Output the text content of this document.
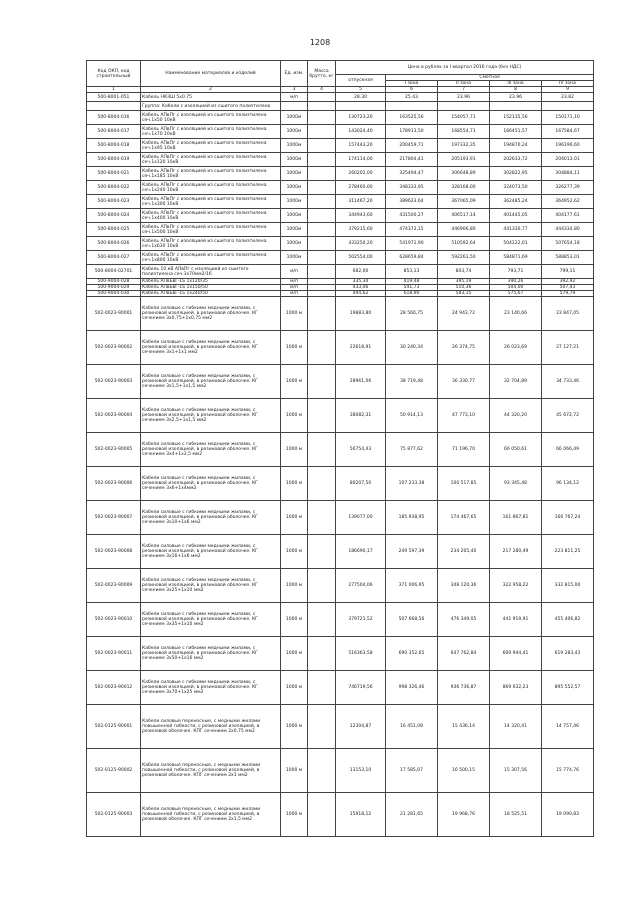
1208
Код ОКП, код строительный	Наименование материалов и изделий	Ед. изм.	Масса брутто, кг	Цена в рублях за I квартал 2016 года (без НДС)				
				отпускная	Сметная			
					I зона	II зона	III зона	IV зона
1	2	3	4	5	6	7	8	9
500-8001-051	Кабель НКЭШ 5х0.75	м/п		28.30	25.43	23.96	23.96	23.82
	Группа: Кабели с изоляцией из сшитого полиэтилена							
500-8004-016	Кабель АПвПг с изоляцией из сшитого полиэтилена сеч.1х50 10кВ	1000м		130723,20	163525,56	154057,71	152135,56	150171,10
500-8004-017	Кабель АПвПг с изоляцией из сшитого полиэтилена сеч.1х70 10кВ	1000м		143024,40	178913,50	168554,71	166451,57	167584,67
500-8004-018	Кабель АПвПг с изоляцией из сшитого полиэтилена сеч.1х95 10кВ	1000м		157443,20	200459,71	197332,35	194870,24	196196,60
500-8004-019	Кабель АПвПг с изоляцией из сшитого полиэтилена сеч.1х120 10кВ	1000м		174114,00	217804,41	205193,91	202633,72	204013,01
500-8004-021	Кабель АПвПг с изоляцией из сшитого полиэтилена сеч.1х185 10кВ	1000м		260202,00	325494,47	306648,89	302822,95	304884,11
500-8004-022	Кабель АПвПг с изоляцией из сшитого полиэтилена сеч.1х240 10кВ	1000м		278460,00	348333,95	328168,00	324073,50	326277,39
500-8004-023	Кабель АПвПг с изоляцией из сшитого полиэтилена сеч.1х300 10кВ	1000м		311467,20	389623,64	367065,09	362485,24	364952,62
500-8004-024	Кабель АПвПг с изоляцией из сшитого полиэтилена сеч.1х400 10кВ	1000м		344943,60	431500,27	406517,14	401445,05	404177,61
500-8004-025	Кабель АПвПг с изоляцией из сшитого полиэтилена сеч.1х500 10кВ	1000м		379215,60	474372,15	446906,80	441330,77	444334,80
500-8004-026	Кабель АПвПг с изоляцией из сшитого полиэтилена сеч.1х630 10кВ	1000м		433250,20	541971,90	510592,64	504222,01	507654,18
500-8004-027	Кабель АПвПг с изоляцией из сшитого полиэтилена сеч.1х800 10кВ	1000м		502554,00	628659,84	592261,50	584871,69	588853,01
500-8004-02701	Кабель 10 кВ АПвПг с изоляцией из сшитого полиэтилена сеч.3х70мм2/16	м/п		682,00	853,13	803,74	793,71	799,11
500-9004-028	Кабель АПвБвГ-LS 1х120/35	м/п		335,34	419,48	395,19	390,26	392,92
500-9004-029	Кабель АПвБвГ-LS 1х150/50	м/п		433,06	541,73	510,36	504,00	507,43
500-9004-030	Кабель АПвБвГ-LS 1х240/50	м/п		494,62	618,90	583,15	575,67	579,79
502-0023-90001	Кабели силовые с гибкими медными жилами, с резиновой изоляцией, в резиновой оболочке. КГ сечением 3х0,75+1х0,75 мм2	1000 м		19883,80	28 560,75	24 943,72	23 140,66	23 847,05
502-0023-90002	Кабели силовые с гибкими медными жилами, с резиновой изоляцией, в резиновой оболочке. КГ сечением 3х1+1х1 мм2	1000 м		22618,91	30 240,34	26 374,75	26 023,69	27 127,21
502-0023-90003	Кабели силовые с гибкими медными жилами, с резиновой изоляцией, в резиновой оболочке. КГ сечением 3х1,5+1х1,5 мм2	1000 м		28961,06	38 719,48	36 330,77	32 704,89	34 733,46
502-0023-90004	Кабели силовые с гибкими медными жилами, с резиновой изоляцией, в резиновой оболочке. КГ сечением 3х2,5+1х1,5 мм2	1000 м		38082,31	50 914,13	47 773,10	44 320,20	45 672,72
502-0023-90005	Кабели силовые с гибкими медными жилами, с резиновой изоляцией, в резиновой оболочке. КГ сечением 3х4+1х2,5 мм2	1000 м		56754,43	75 877,62	71 196,70	66 050,61	66 066,49
502-0023-90006	Кабели силовые с гибкими медными жилами, с резиновой изоляцией, в резиновой оболочке. КГ сечением 3х6+1х4мм2	1000 м		80207,50	107 233,38	100 517,85	93 345,48	96 134,12
502-0023-90007	Кабели силовые с гибкими медными жилами, с резиновой изоляцией, в резиновой оболочке. КГ сечением 3х10+1х6 мм2	1000 м		139077,00	185 938,95	174 467,65	161 867,81	166 767,24
502-0023-90008	Кабели силовые с гибкими медными жилами, с резиновой изоляцией, в резиновой оболочке. КГ сечением 3х16+1х6 мм2	1000 м		186690,17	249 597,39	234 205,40	217 280,49	223 811,25
502-0023-90009	Кабели силовые с гибкими медными жилами, с резиновой изоляцией, в резиновой оболочке. КГ сечением 3х25+1х10 мм2	1000 м		277504,06	371 006,95	348 120,36	322 958,22	332 815,00
502-0023-90010	Кабели силовые с гибкими медными жилами, с резиновой изоляцией, в резиновой оболочке. КГ сечением 3х35+1х10 мм2	1000 м		379721,52	507 668,56	476 349,05	441 919,91	455 406,82
502-0023-90011	Кабели силовые с гибкими медными жилами, с резиновой изоляцией, в резиновой оболочке. КГ сечением 3х50+1х16 мм2	1000 м		516363,58	690 352,65	647 762,84	600 944,41	619 283,43
502-0023-90012	Кабели силовые с гибкими медными жилами, с резиновой изоляцией, в резиновой оболочке. КГ сечением 3х70+1х25 мм2	1000 м		746719,56	998 326,46	936 736,87	869 032,23	895 552,57
502-0125-90001	Кабели силовые переносные, с медными жилами повышенной гибкости, с резиновой изоляцией, в резиновой оболочке. КПГ сечением 2х0,75 мм2	1000 м		12304,87	16 451,08	15 436,14	14 320,41	14 757,46
502-0125-90002	Кабели силовые переносные, с медными жилами повышенной гибкости, с резиновой изоляцией, в резиновой оболочке. КПГ сечением 2х1 мм2	1000 м		13153,10	17 585,07	16 500,15	15 307,56	15 774,76
502-0125-90003	Кабели силовые переносные, с медными жилами повышенной гибкости, с резиновой изоляцией, в резиновой оболочке. КПГ сечением 2х1,5 мм2	1000 м		15918,12	21 281,65	19 968,76	18 525,51	19 090,83
